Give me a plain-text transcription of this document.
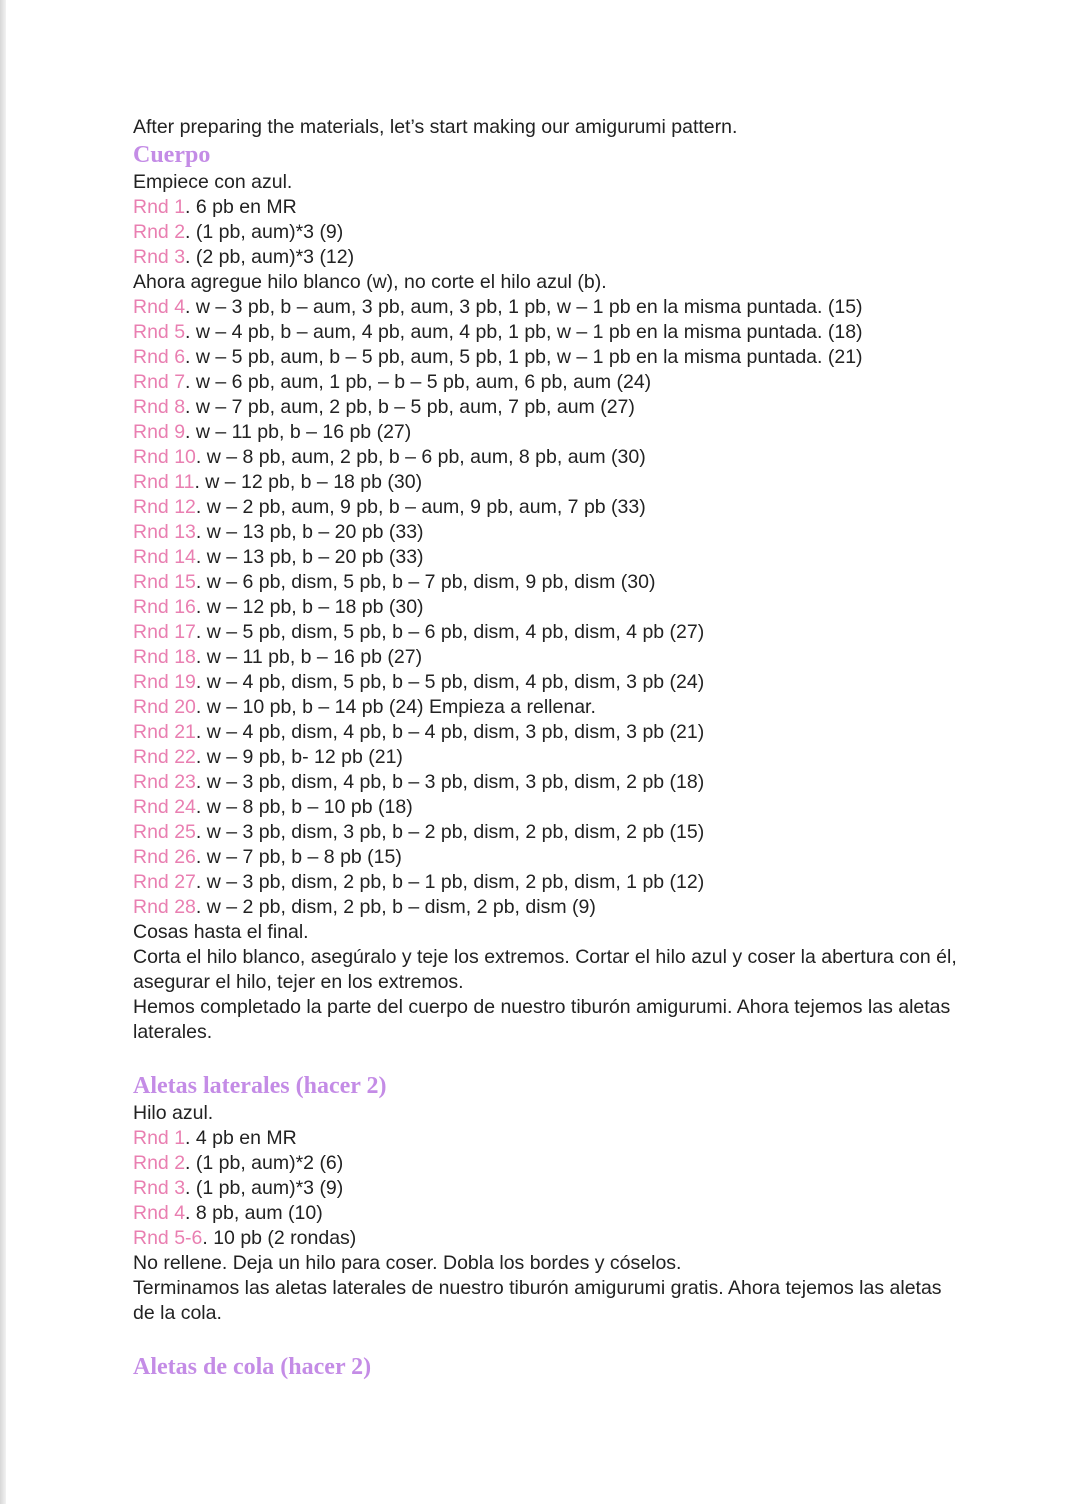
After preparing the materials, let’s start making our amigurumi pattern.
Cuerpo
Empiece con azul.
Rnd 1. 6 pb en MR
Rnd 2. (1 pb, aum)*3 (9)
Rnd 3. (2 pb, aum)*3 (12)
Ahora agregue hilo blanco (w), no corte el hilo azul (b).
Rnd 4. w – 3 pb, b – aum, 3 pb, aum, 3 pb, 1 pb, w – 1 pb en la misma puntada. (15)
Rnd 5. w – 4 pb, b – aum, 4 pb, aum, 4 pb, 1 pb, w – 1 pb en la misma puntada. (18)
Rnd 6. w – 5 pb, aum, b – 5 pb, aum, 5 pb, 1 pb, w – 1 pb en la misma puntada. (21)
Rnd 7. w – 6 pb, aum, 1 pb, – b – 5 pb, aum, 6 pb, aum (24)
Rnd 8. w – 7 pb, aum, 2 pb, b – 5 pb, aum, 7 pb, aum (27)
Rnd 9. w – 11 pb, b – 16 pb (27)
Rnd 10. w – 8 pb, aum, 2 pb, b – 6 pb, aum, 8 pb, aum (30)
Rnd 11. w – 12 pb, b – 18 pb (30)
Rnd 12. w – 2 pb, aum, 9 pb, b – aum, 9 pb, aum, 7 pb (33)
Rnd 13. w – 13 pb, b – 20 pb (33)
Rnd 14. w – 13 pb, b – 20 pb (33)
Rnd 15. w – 6 pb, dism, 5 pb, b – 7 pb, dism, 9 pb, dism (30)
Rnd 16. w – 12 pb, b – 18 pb (30)
Rnd 17. w – 5 pb, dism, 5 pb, b – 6 pb, dism, 4 pb, dism, 4 pb (27)
Rnd 18. w – 11 pb, b – 16 pb (27)
Rnd 19. w – 4 pb, dism, 5 pb, b – 5 pb, dism, 4 pb, dism, 3 pb (24)
Rnd 20. w – 10 pb, b – 14 pb (24) Empieza a rellenar.
Rnd 21. w – 4 pb, dism, 4 pb, b – 4 pb, dism, 3 pb, dism, 3 pb (21)
Rnd 22. w – 9 pb, b- 12 pb (21)
Rnd 23. w – 3 pb, dism, 4 pb, b – 3 pb, dism, 3 pb, dism, 2 pb (18)
Rnd 24. w – 8 pb, b – 10 pb (18)
Rnd 25. w – 3 pb, dism, 3 pb, b – 2 pb, dism, 2 pb, dism, 2 pb (15)
Rnd 26. w – 7 pb, b – 8 pb (15)
Rnd 27. w – 3 pb, dism, 2 pb, b – 1 pb, dism, 2 pb, dism, 1 pb (12)
Rnd 28. w – 2 pb, dism, 2 pb, b – dism, 2 pb, dism (9)
Cosas hasta el final.
Corta el hilo blanco, asegúralo y teje los extremos. Cortar el hilo azul y coser la abertura con él, asegurar el hilo, tejer en los extremos.
Hemos completado la parte del cuerpo de nuestro tiburón amigurumi. Ahora tejemos las aletas laterales.
Aletas laterales (hacer 2)
Hilo azul.
Rnd 1. 4 pb en MR
Rnd 2. (1 pb, aum)*2 (6)
Rnd 3. (1 pb, aum)*3 (9)
Rnd 4. 8 pb, aum (10)
Rnd 5-6. 10 pb (2 rondas)
No rellene. Deja un hilo para coser. Dobla los bordes y cóselos.
Terminamos las aletas laterales de nuestro tiburón amigurumi gratis. Ahora tejemos las aletas de la cola.
Aletas de cola (hacer 2)
